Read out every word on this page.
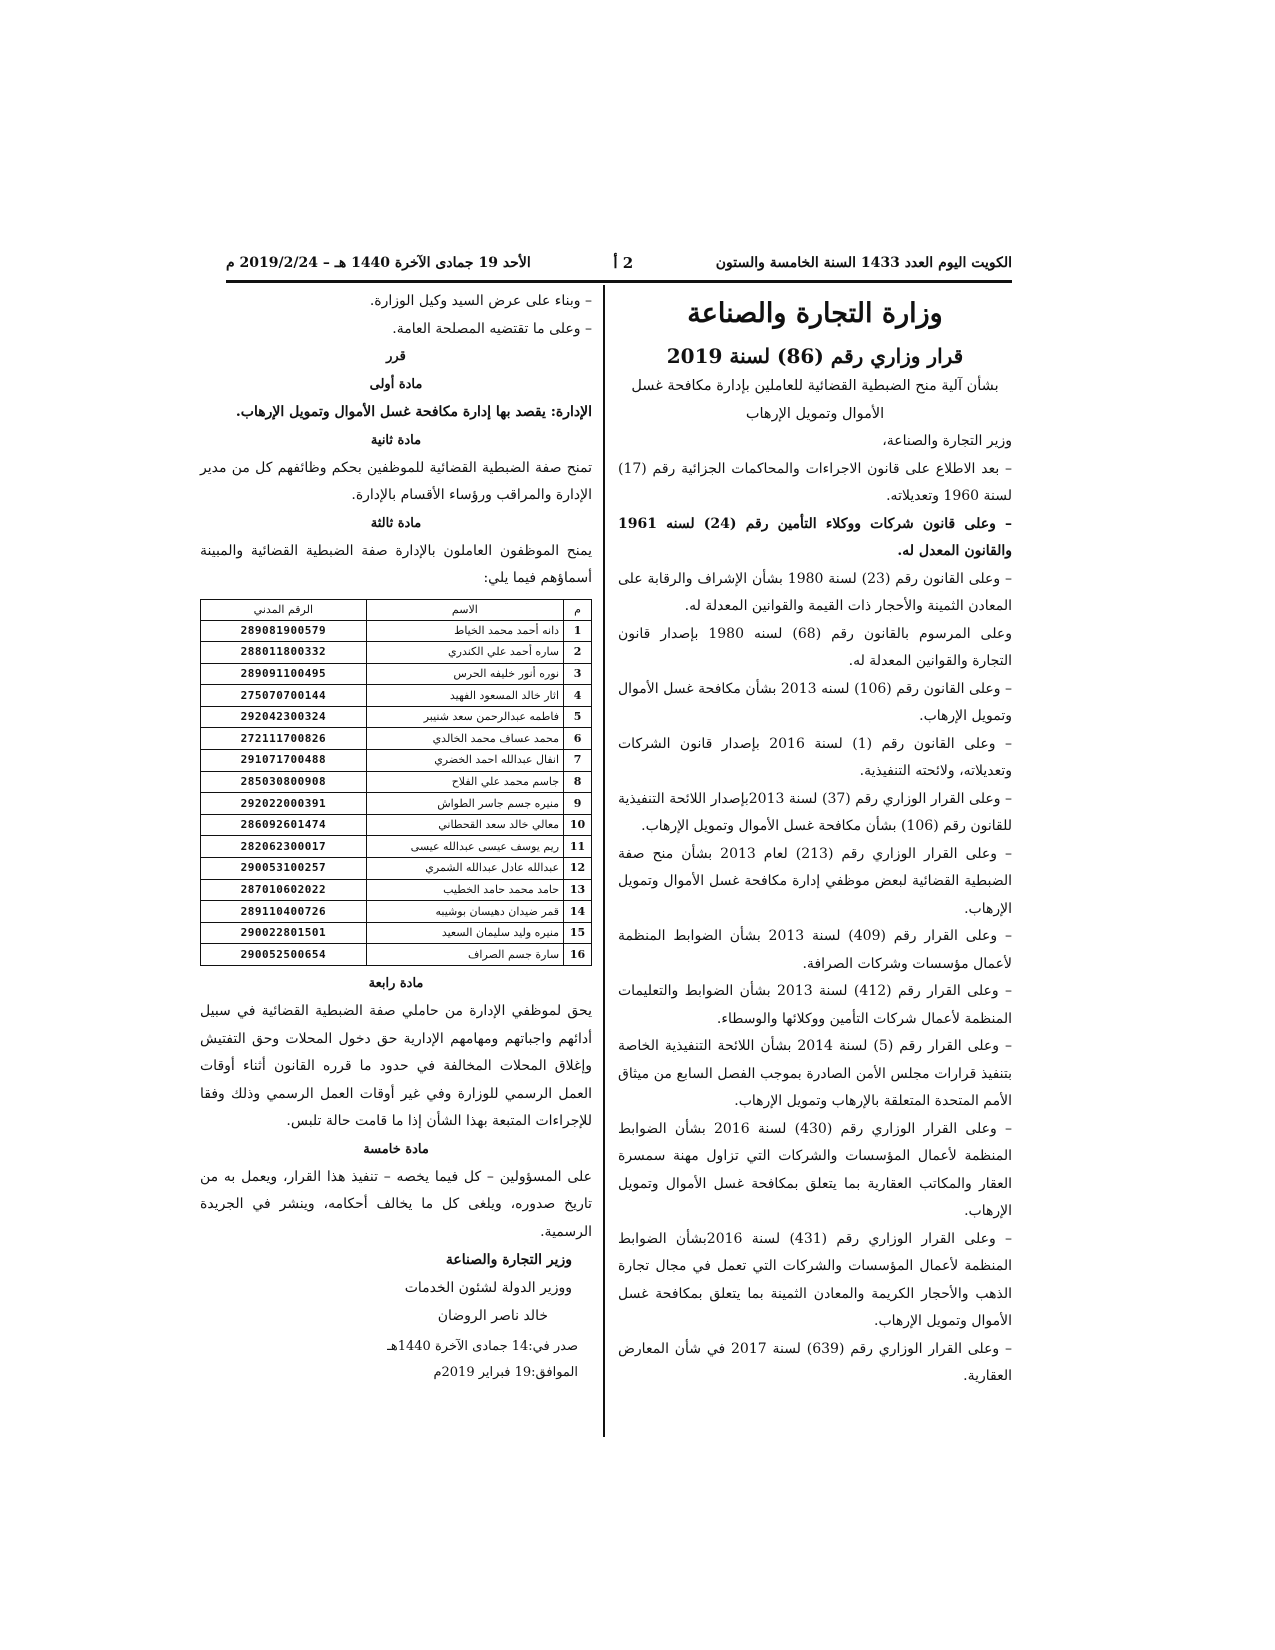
الكويت اليوم العدد 1433 السنة الخامسة والستون
2 أ
الأحد 19 جمادى الآخرة 1440 هـ – 2019/2/24 م
وزارة التجارة والصناعة
قرار وزاري رقم (86) لسنة 2019
بشأن آلية منح الضبطية القضائية للعاملين بإدارة مكافحة غسل الأموال وتمويل الإرهاب

وزير التجارة والصناعة،

– بعد الاطلاع على قانون الاجراءات والمحاكمات الجزائية رقم (17) لسنة 1960 وتعديلاته.

– وعلى قانون شركات ووكلاء التأمين رقم (24) لسنه 1961 والقانون المعدل له.

– وعلى القانون رقم (23) لسنة 1980 بشأن الإشراف والرقابة على المعادن الثمينة والأحجار ذات القيمة والقوانين المعدلة له.

وعلى المرسوم بالقانون رقم (68) لسنه 1980 بإصدار قانون التجارة والقوانين المعدلة له.

– وعلى القانون رقم (106) لسنه 2013 بشأن مكافحة غسل الأموال وتمويل الإرهاب.

– وعلى القانون رقم (1) لسنة 2016 بإصدار قانون الشركات وتعديلاته، ولائحته التنفيذية.

– وعلى القرار الوزاري رقم (37) لسنة 2013بإصدار اللائحة التنفيذية للقانون رقم (106) بشأن مكافحة غسل الأموال وتمويل الإرهاب.

– وعلى القرار الوزاري رقم (213) لعام 2013 بشأن منح صفة الضبطية القضائية لبعض موظفي إدارة مكافحة غسل الأموال وتمويل الإرهاب.

– وعلى القرار رقم (409) لسنة 2013 بشأن الضوابط المنظمة لأعمال مؤسسات وشركات الصرافة.

– وعلى القرار رقم (412) لسنة 2013 بشأن الضوابط والتعليمات المنظمة لأعمال شركات التأمين ووكلائها والوسطاء.

– وعلى القرار رقم (5) لسنة 2014 بشأن اللائحة التنفيذية الخاصة بتنفيذ قرارات مجلس الأمن الصادرة بموجب الفصل السابع من ميثاق الأمم المتحدة المتعلقة بالإرهاب وتمويل الإرهاب.

– وعلى القرار الوزاري رقم (430) لسنة 2016 بشأن الضوابط المنظمة لأعمال المؤسسات والشركات التي تزاول مهنة سمسرة العقار والمكاتب العقارية بما يتعلق بمكافحة غسل الأموال وتمويل الإرهاب.

– وعلى القرار الوزاري رقم (431) لسنة 2016بشأن الضوابط المنظمة لأعمال المؤسسات والشركات التي تعمل في مجال تجارة الذهب والأحجار الكريمة والمعادن الثمينة بما يتعلق بمكافحة غسل الأموال وتمويل الإرهاب.

– وعلى القرار الوزاري رقم (639) لسنة 2017 في شأن المعارض العقارية.

– وبناء على عرض السيد وكيل الوزارة.

– وعلى ما تقتضيه المصلحة العامة.

قرر
مادة أولى

الإدارة: يقصد بها إدارة مكافحة غسل الأموال وتمويل الإرهاب.

مادة ثانية

تمنح صفة الضبطية القضائية للموظفين بحكم وظائفهم كل من مدير الإدارة والمراقب ورؤساء الأقسام بالإدارة.

مادة ثالثة

يمنح الموظفون العاملون بالإدارة صفة الضبطية القضائية والمبينة أسماؤهم فيما يلي:

م	الاسم	الرقم المدني
1	دانه أحمد محمد الخياط	289081900579
2	ساره أحمد علي الكندري	288011800332
3	نوره أنور خليفه الحرس	289091100495
4	اثار خالد المسعود الفهيد	275070700144
5	فاطمه عبدالرحمن سعد شنيبر	292042300324
6	محمد عساف محمد الخالدي	272111700826
7	انفال عبدالله احمد الخضري	291071700488
8	جاسم محمد علي الفلاح	285030800908
9	منيره جسم جاسر الطواش	292022000391
10	معالي خالد سعد القحطاني	286092601474
11	ريم يوسف عيسى عبدالله عيسى	282062300017
12	عبدالله عادل عبدالله الشمري	290053100257
13	حامد محمد حامد الخطيب	287010602022
14	قمر ضيدان دهيسان بوشيبه	289110400726
15	منيره وليد سليمان السعيد	290022801501
16	سارة جسم الصراف	290052500654
مادة رابعة

يحق لموظفي الإدارة من حاملي صفة الضبطية القضائية في سبيل أدائهم واجباتهم ومهامهم الإدارية حق دخول المحلات وحق التفتيش وإغلاق المحلات المخالفة في حدود ما قرره القانون أثناء أوقات العمل الرسمي للوزارة وفي غير أوقات العمل الرسمي وذلك وفقا للإجراءات المتبعة بهذا الشأن إذا ما قامت حالة تلبس.

مادة خامسة

على المسؤولين – كل فيما يخصه – تنفيذ هذا القرار، ويعمل به من تاريخ صدوره، ويلغى كل ما يخالف أحكامه، وينشر في الجريدة الرسمية.

وزير التجارة والصناعة
ووزير الدولة لشئون الخدمات
خالد ناصر الروضان
صدر في:14 جمادى الآخرة 1440هـ
الموافق:19 فبراير 2019م
